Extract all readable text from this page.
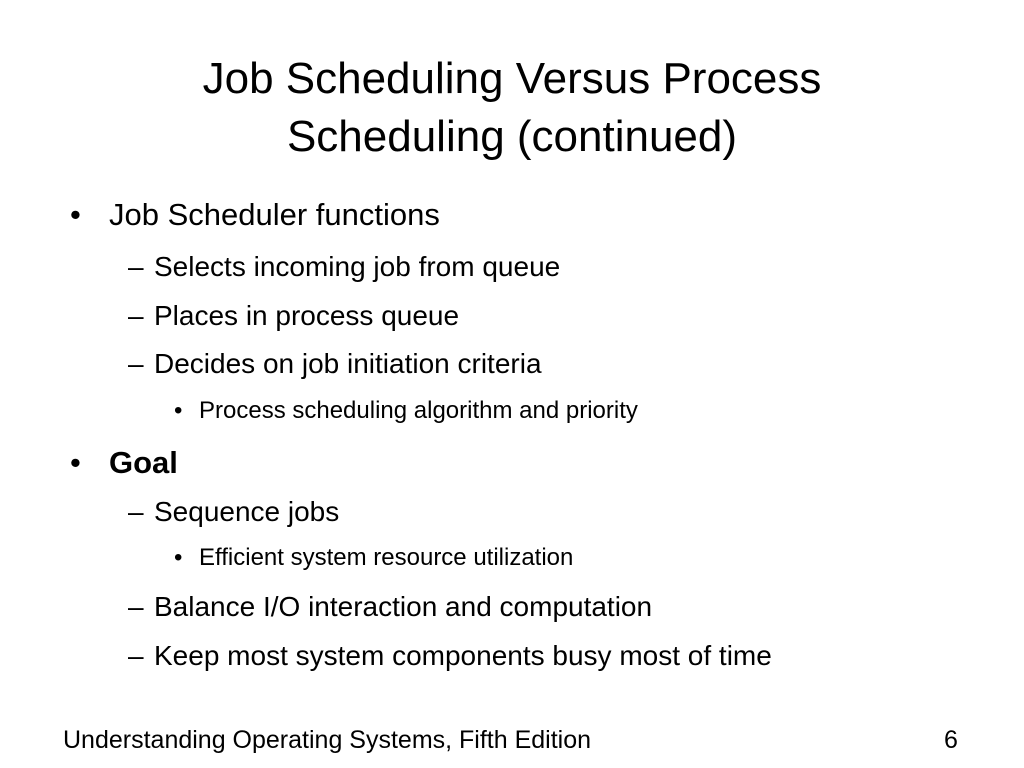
Job Scheduling Versus Process
Scheduling (continued)
• Job Scheduler functions
– Selects incoming job from queue
– Places in process queue
– Decides on job initiation criteria
• Process scheduling algorithm and priority
• Goal
– Sequence jobs
• Efficient system resource utilization
– Balance I/O interaction and computation
– Keep most system components busy most of time
Understanding Operating Systems, Fifth Edition	6
